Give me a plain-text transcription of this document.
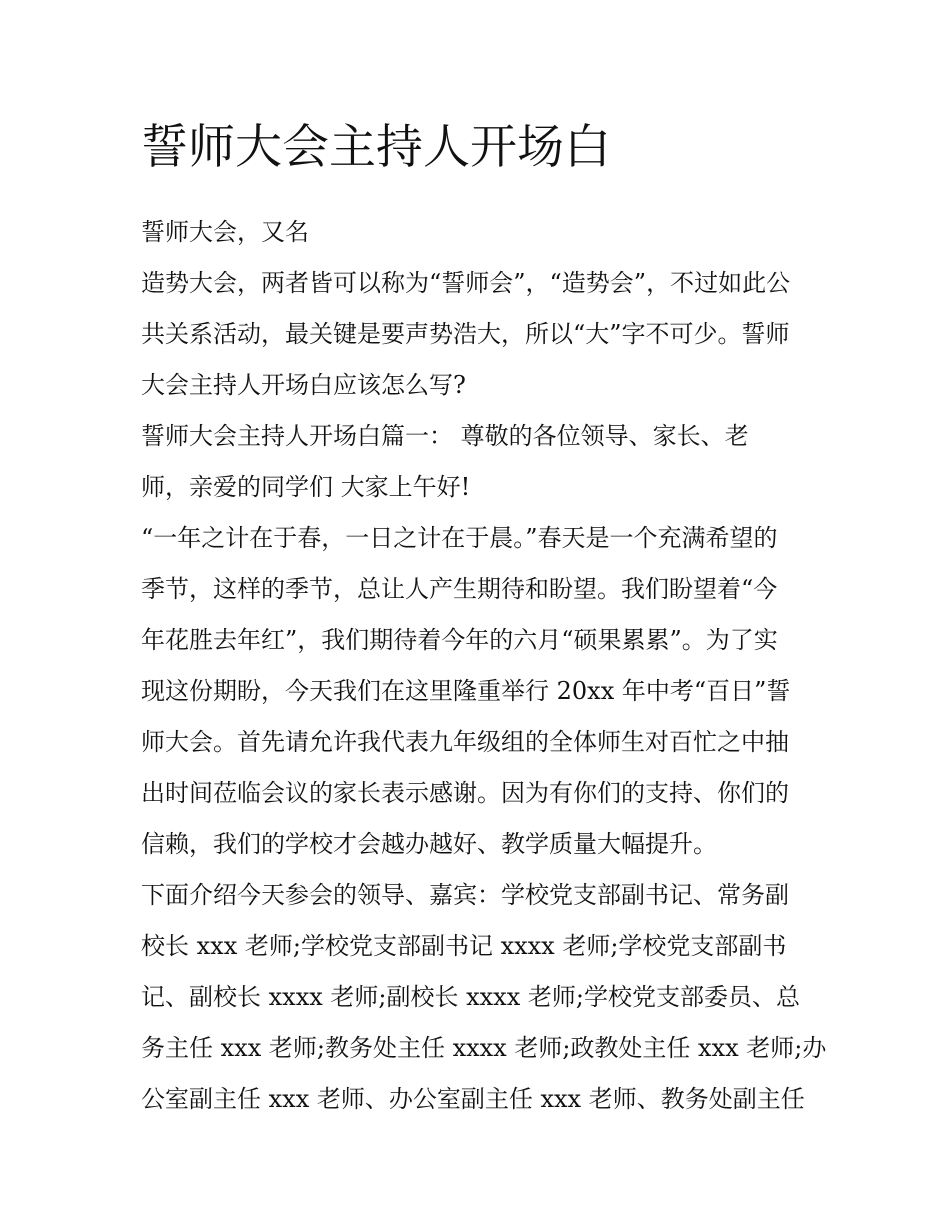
誓师大会主持人开场白

誓师大会，又名

造势大会，两者皆可以称为“誓师会”，“造势会”，不过如此公
共关系活动，最关键是要声势浩大，所以“大”字不可少。誓师
大会主持人开场白应该怎么写?

誓师大会主持人开场白篇一： 尊敬的各位领导、家长、老
师，亲爱的同学们 大家上午好!

“一年之计在于春，一日之计在于晨。”春天是一个充满希望的
季节，这样的季节，总让人产生期待和盼望。我们盼望着“今
年花胜去年红”，我们期待着今年的六月“硕果累累”。为了实
现这份期盼，今天我们在这里隆重举行 20xx 年中考“百日”誓
师大会。首先请允许我代表九年级组的全体师生对百忙之中抽
出时间莅临会议的家长表示感谢。因为有你们的支持、你们的
信赖，我们的学校才会越办越好、教学质量大幅提升。

下面介绍今天参会的领导、嘉宾：学校党支部副书记、常务副
校长 xxx 老师;学校党支部副书记 xxxx 老师;学校党支部副书
记、副校长 xxxx 老师;副校长 xxxx 老师;学校党支部委员、总
务主任 xxx 老师;教务处主任 xxxx 老师;政教处主任 xxx 老师;办
公室副主任 xxx 老师、办公室副主任 xxx 老师、教务处副主任
